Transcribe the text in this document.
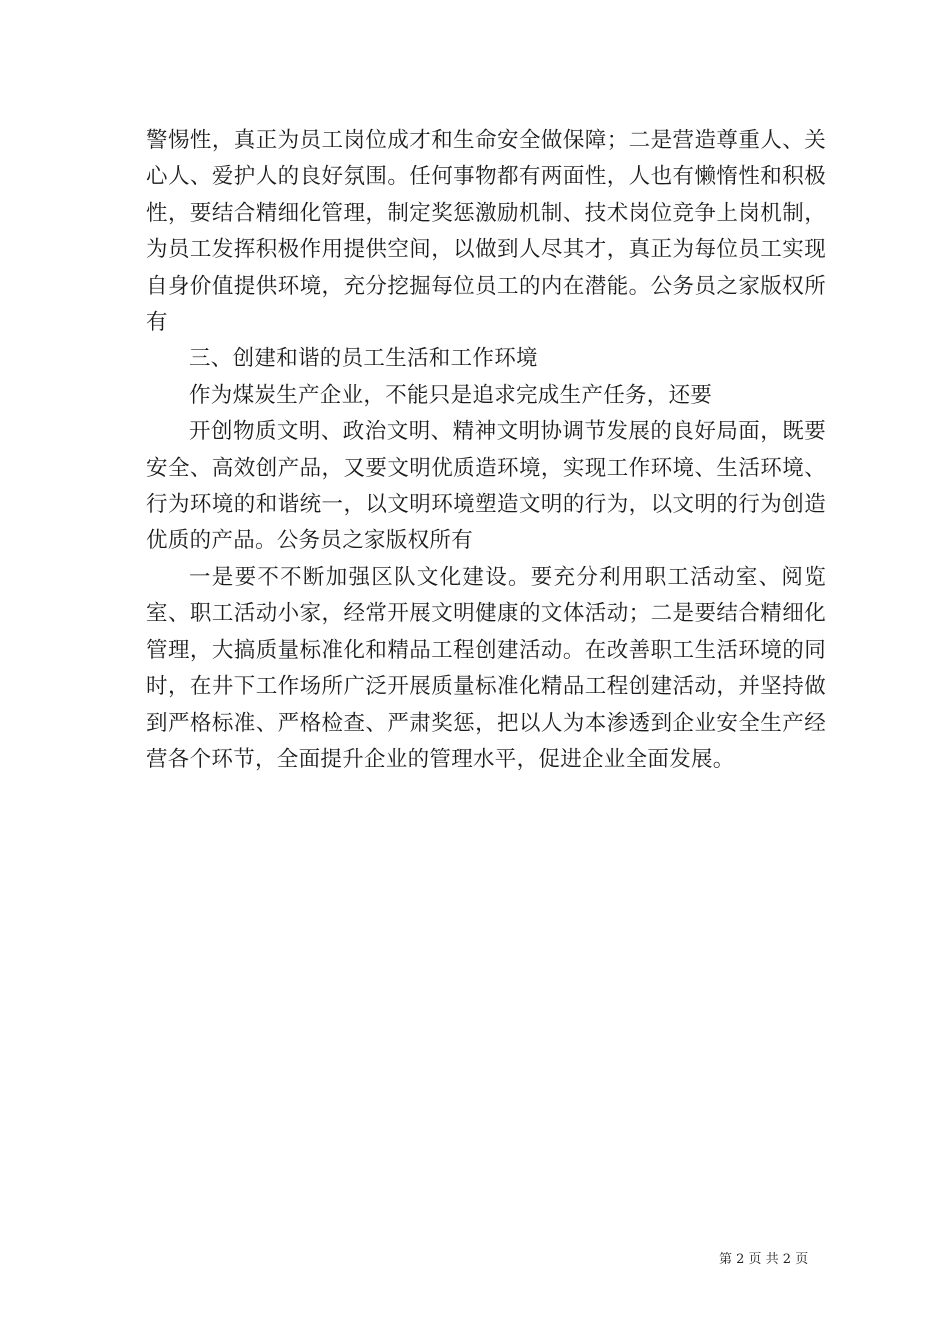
警惕性，真正为员工岗位成才和生命安全做保障；二是营造尊重人、关心人、爱护人的良好氛围。任何事物都有两面性，人也有懒惰性和积极性，要结合精细化管理，制定奖惩激励机制、技术岗位竞争上岗机制，为员工发挥积极作用提供空间，以做到人尽其才，真正为每位员工实现自身价值提供环境，充分挖掘每位员工的内在潜能。公务员之家版权所有

三、创建和谐的员工生活和工作环境

作为煤炭生产企业，不能只是追求完成生产任务，还要

开创物质文明、政治文明、精神文明协调节发展的良好局面，既要安全、高效创产品，又要文明优质造环境，实现工作环境、生活环境、行为环境的和谐统一，以文明环境塑造文明的行为，以文明的行为创造优质的产品。公务员之家版权所有

一是要不不断加强区队文化建设。要充分利用职工活动室、阅览室、职工活动小家，经常开展文明健康的文体活动；二是要结合精细化管理，大搞质量标准化和精品工程创建活动。在改善职工生活环境的同时，在井下工作场所广泛开展质量标准化精品工程创建活动，并坚持做到严格标准、严格检查、严肃奖惩，把以人为本渗透到企业安全生产经营各个环节，全面提升企业的管理水平，促进企业全面发展。

第 2 页 共 2 页
